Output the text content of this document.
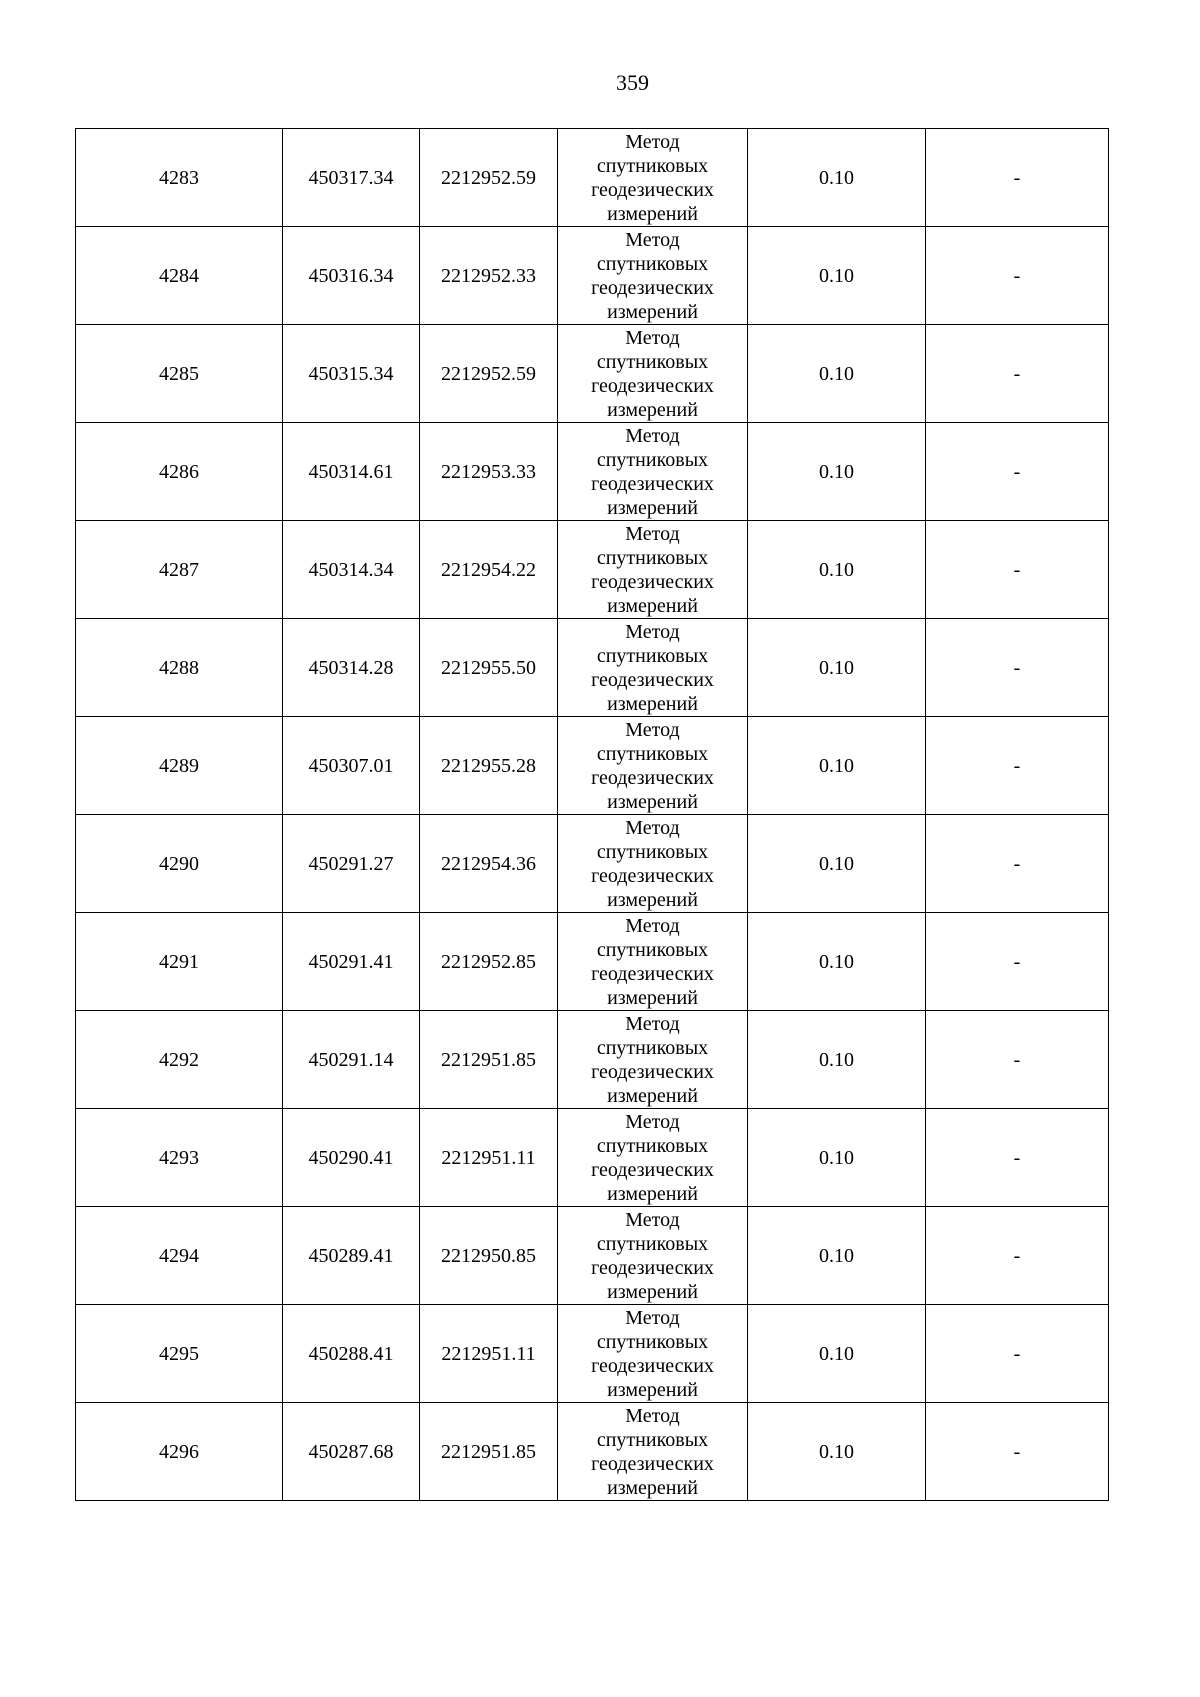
359
4283	450317.34	2212952.59	Метод
спутниковых
геодезических
измерений	0.10	-
4284	450316.34	2212952.33	Метод
спутниковых
геодезических
измерений	0.10	-
4285	450315.34	2212952.59	Метод
спутниковых
геодезических
измерений	0.10	-
4286	450314.61	2212953.33	Метод
спутниковых
геодезических
измерений	0.10	-
4287	450314.34	2212954.22	Метод
спутниковых
геодезических
измерений	0.10	-
4288	450314.28	2212955.50	Метод
спутниковых
геодезических
измерений	0.10	-
4289	450307.01	2212955.28	Метод
спутниковых
геодезических
измерений	0.10	-
4290	450291.27	2212954.36	Метод
спутниковых
геодезических
измерений	0.10	-
4291	450291.41	2212952.85	Метод
спутниковых
геодезических
измерений	0.10	-
4292	450291.14	2212951.85	Метод
спутниковых
геодезических
измерений	0.10	-
4293	450290.41	2212951.11	Метод
спутниковых
геодезических
измерений	0.10	-
4294	450289.41	2212950.85	Метод
спутниковых
геодезических
измерений	0.10	-
4295	450288.41	2212951.11	Метод
спутниковых
геодезических
измерений	0.10	-
4296	450287.68	2212951.85	Метод
спутниковых
геодезических
измерений	0.10	-
